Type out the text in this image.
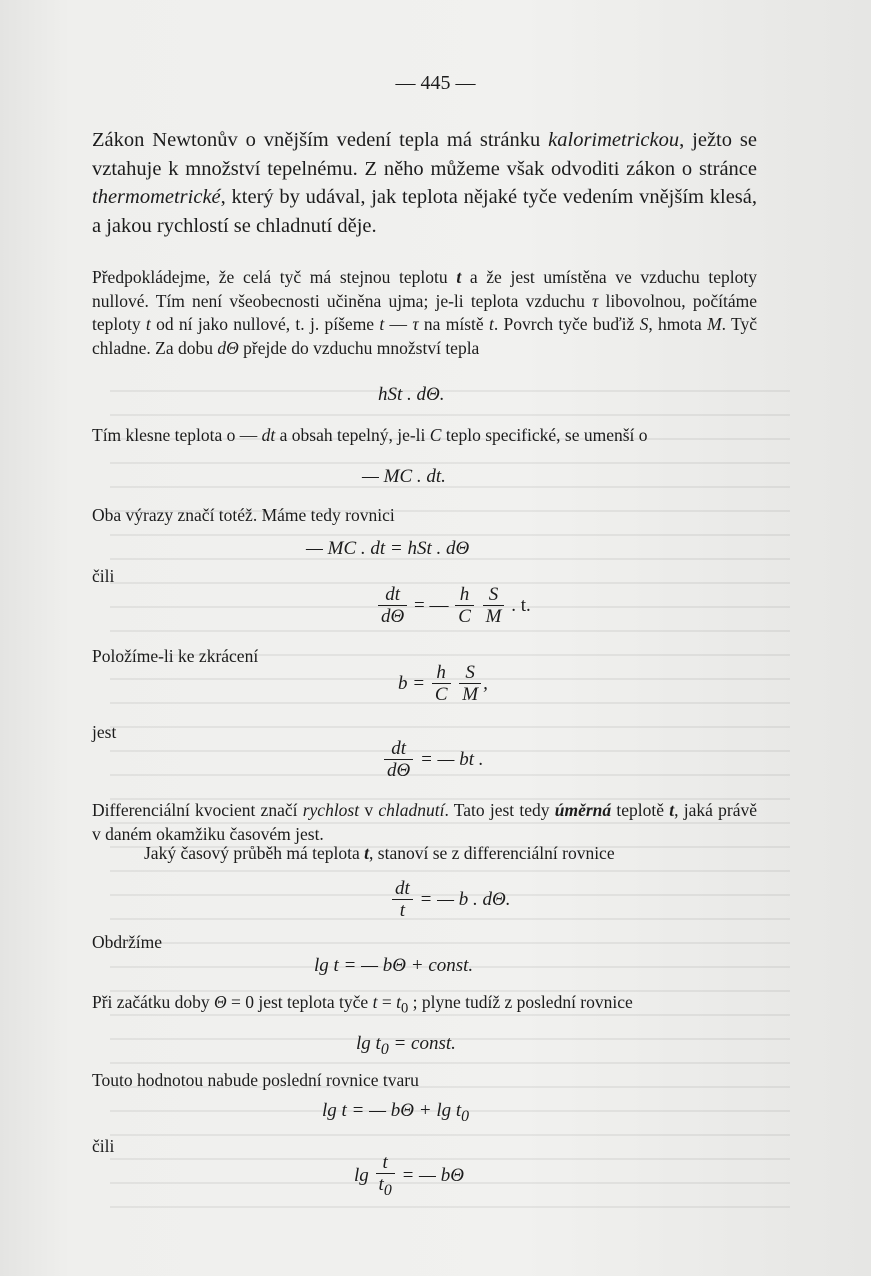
— 445 —

Zákon Newtonův o vnějším vedení tepla má stránku kalorimetrickou, ježto se vztahuje k množství tepelnému. Z něho můžeme však odvoditi zákon o stránce thermometrické, který by udával, jak teplota nějaké tyče vedením vnějším klesá, a jakou rychlostí se chladnutí děje.

Předpokládejme, že celá tyč má stejnou teplotu t a že jest umístěna ve vzduchu teploty nullové. Tím není všeobecnosti učiněna ujma; je-li teplota vzduchu τ libovolnou, počítáme teploty t od ní jako nullové, t. j. píšeme t — τ na místě t. Povrch tyče buďiž S, hmota M. Tyč chladne. Za dobu dΘ přejde do vzduchu množství tepla

hSt . dΘ.

Tím klesne teplota o — dt a obsah tepelný, je-li C teplo specifické, se umenší o

— MC . dt.

Oba výrazy značí totéž. Máme tedy rovnici

— MC . dt = hSt . dΘ

čili

$\frac{dt}{d\Theta}$ = — $\frac{h}{C}$
$\frac{S}{M}$ . t.

Položíme-li ke zkrácení

$b = \frac{h}{C}$
$\frac{S}{M}$ ,

jest

$\frac{dt}{d\Theta}$ = — bt .

Differenciální kvocient značí rychlost v chladnutí. Tato jest tedy úměrná teplotě t, jaká právě v daném okamžiku časovém jest.

Jaký časový průběh má teplota t, stanoví se z differenciální rovnice

$\frac{dt}{t}$ = — b . dΘ.

Obdržíme

lg t = — bΘ + const.

Při začátku doby Θ = 0 jest teplota tyče $t = t_0$ ; plyne tudíž z poslední rovnice

$\lg t_0$ = const.

Touto hodnotou nabude poslední rovnice tvaru

lg t = — $b\Theta + \lg t_0$

čili

$\lg \frac{t}{t_0}$ = — bΘ
